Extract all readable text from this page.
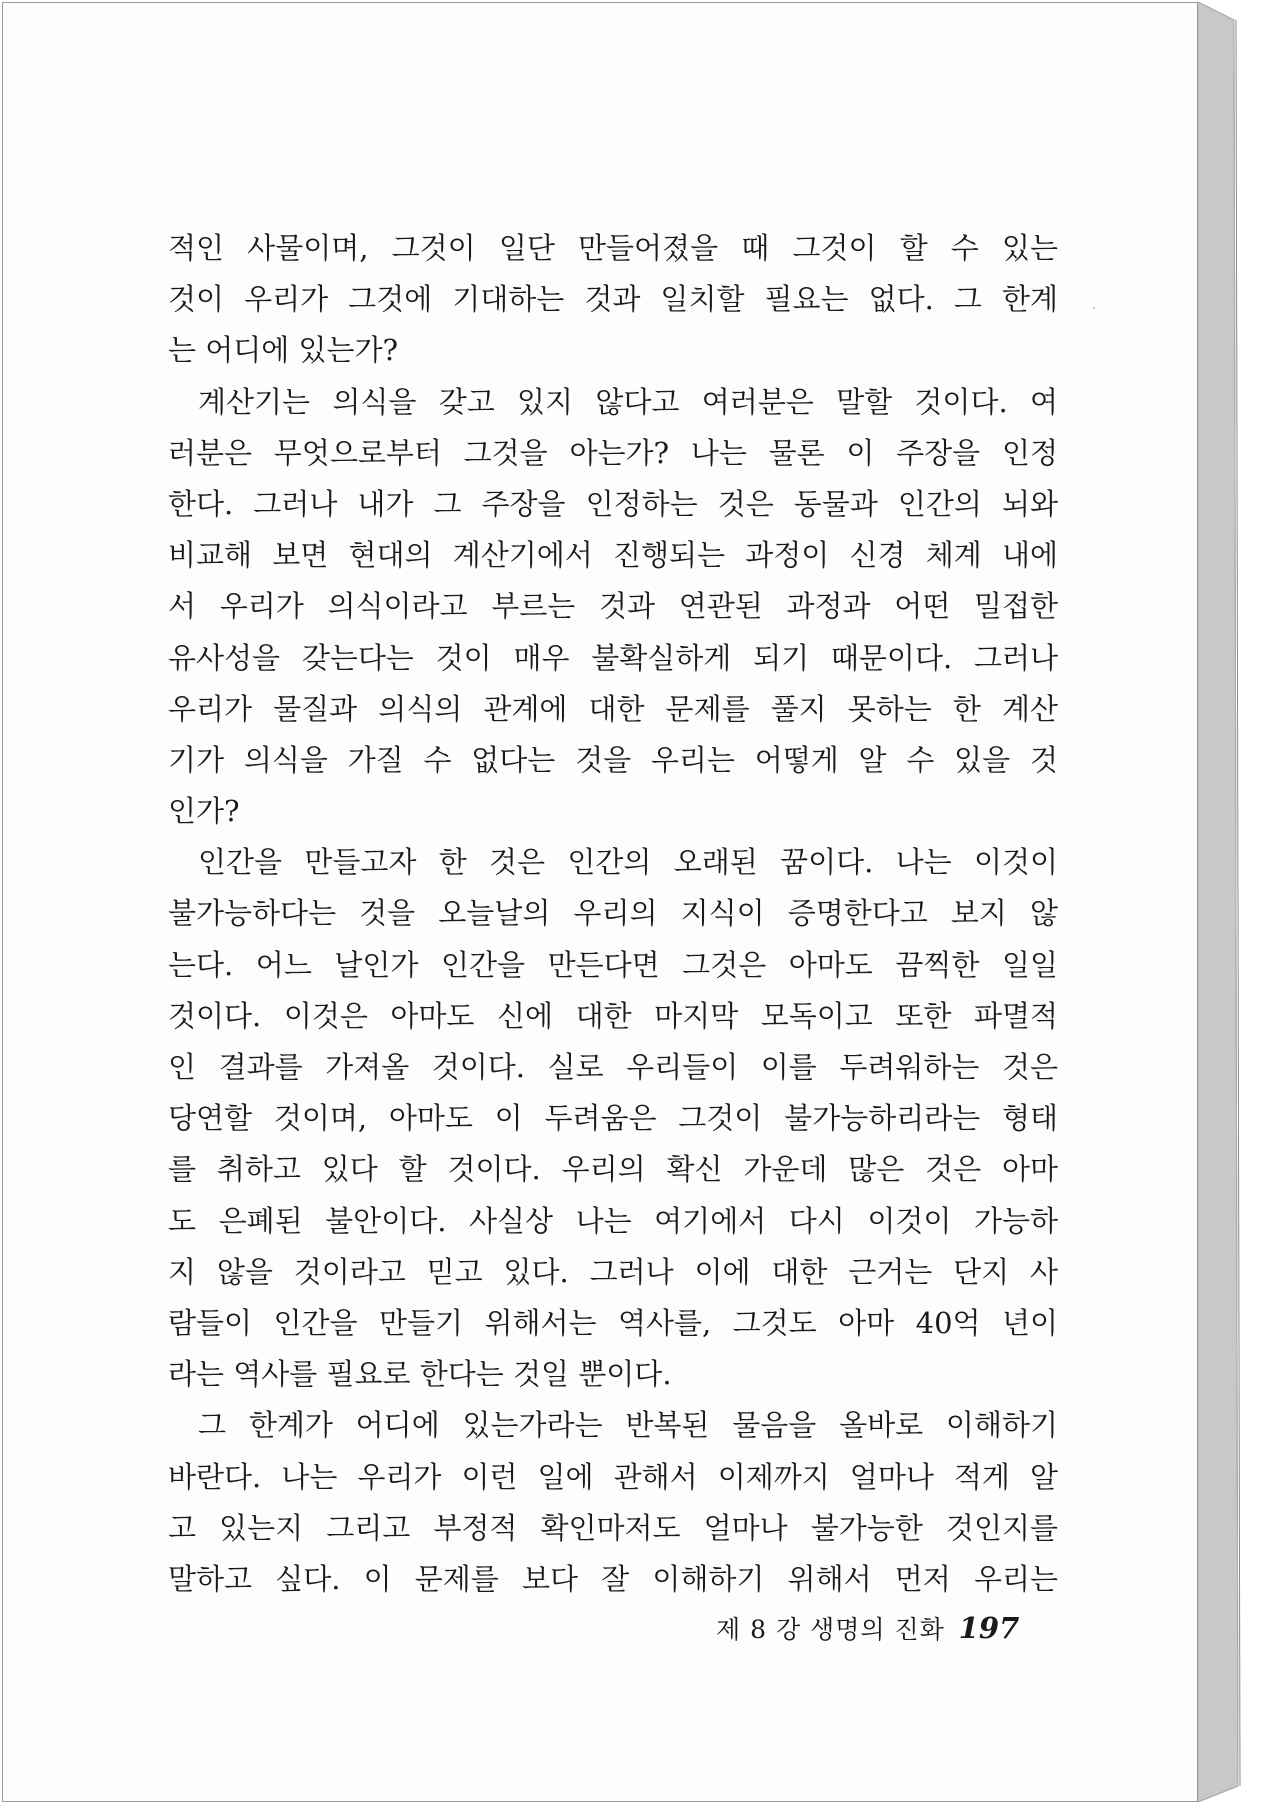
적인 사물이며, 그것이 일단 만들어졌을 때 그것이 할 수 있는
것이 우리가 그것에 기대하는 것과 일치할 필요는 없다. 그 한계
는 어디에 있는가?
계산기는 의식을 갖고 있지 않다고 여러분은 말할 것이다. 여
러분은 무엇으로부터 그것을 아는가? 나는 물론 이 주장을 인정
한다. 그러나 내가 그 주장을 인정하는 것은 동물과 인간의 뇌와
비교해 보면 현대의 계산기에서 진행되는 과정이 신경 체계 내에
서 우리가 의식이라고 부르는 것과 연관된 과정과 어떤 밀접한
유사성을 갖는다는 것이 매우 불확실하게 되기 때문이다. 그러나
우리가 물질과 의식의 관계에 대한 문제를 풀지 못하는 한 계산
기가 의식을 가질 수 없다는 것을 우리는 어떻게 알 수 있을 것
인가?
인간을 만들고자 한 것은 인간의 오래된 꿈이다. 나는 이것이
불가능하다는 것을 오늘날의 우리의 지식이 증명한다고 보지 않
는다. 어느 날인가 인간을 만든다면 그것은 아마도 끔찍한 일일
것이다. 이것은 아마도 신에 대한 마지막 모독이고 또한 파멸적
인 결과를 가져올 것이다. 실로 우리들이 이를 두려워하는 것은
당연할 것이며, 아마도 이 두려움은 그것이 불가능하리라는 형태
를 취하고 있다 할 것이다. 우리의 확신 가운데 많은 것은 아마
도 은폐된 불안이다. 사실상 나는 여기에서 다시 이것이 가능하
지 않을 것이라고 믿고 있다. 그러나 이에 대한 근거는 단지 사
람들이 인간을 만들기 위해서는 역사를, 그것도 아마 40억 년이
라는 역사를 필요로 한다는 것일 뿐이다.
그 한계가 어디에 있는가라는 반복된 물음을 올바로 이해하기
바란다. 나는 우리가 이런 일에 관해서 이제까지 얼마나 적게 알
고 있는지 그리고 부정적 확인마저도 얼마나 불가능한 것인지를
말하고 싶다. 이 문제를 보다 잘 이해하기 위해서 먼저 우리는
제 8 강 생명의 진화 197
